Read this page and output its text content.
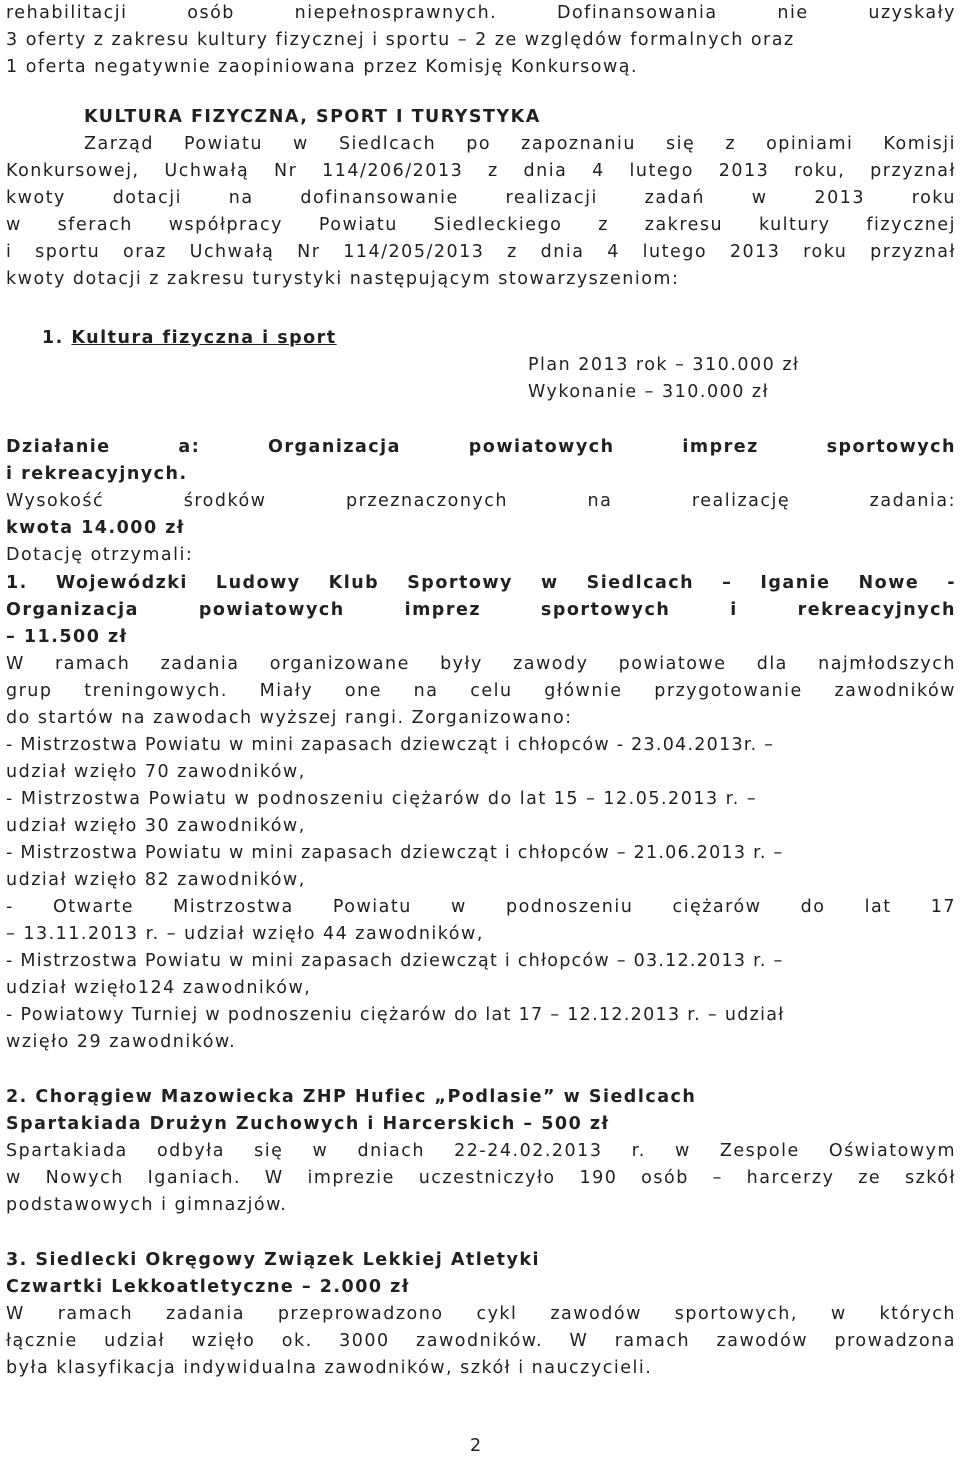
rehabilitacji osób niepełnosprawnych. Dofinansowania nie uzyskały
3 oferty z zakresu kultury fizycznej i sportu – 2 ze względów formalnych oraz
1 oferta negatywnie zaopiniowana przez Komisję Konkursową.
KULTURA FIZYCZNA, SPORT I TURYSTYKA
Zarząd Powiatu w Siedlcach po zapoznaniu się z opiniami Komisji
Konkursowej, Uchwałą Nr 114/206/2013 z dnia 4 lutego 2013 roku, przyznał
kwoty dotacji na dofinansowanie realizacji zadań w 2013 roku
w sferach współpracy Powiatu Siedleckiego z zakresu kultury fizycznej
i sportu oraz Uchwałą Nr 114/205/2013 z dnia 4 lutego 2013 roku przyznał
kwoty dotacji z zakresu turystyki następującym stowarzyszeniom:
1. Kultura fizyczna i sport
Plan 2013 rok – 310.000 zł
Wykonanie – 310.000 zł
Działanie a: Organizacja powiatowych imprez sportowych
i rekreacyjnych.
Wysokość środków przeznaczonych na realizację zadania:
kwota 14.000 zł
Dotację otrzymali:
1. Wojewódzki Ludowy Klub Sportowy w Siedlcach – Iganie Nowe -
Organizacja powiatowych imprez sportowych i rekreacyjnych
– 11.500 zł
W ramach zadania organizowane były zawody powiatowe dla najmłodszych
grup treningowych. Miały one na celu głównie przygotowanie zawodników
do startów na zawodach wyższej rangi. Zorganizowano:
- Mistrzostwa Powiatu w mini zapasach dziewcząt i chłopców - 23.04.2013r. –
udział wzięło 70 zawodników,
- Mistrzostwa Powiatu w podnoszeniu ciężarów do lat 15 – 12.05.2013 r. –
udział wzięło 30 zawodników,
- Mistrzostwa Powiatu w mini zapasach dziewcząt i chłopców – 21.06.2013 r. –
udział wzięło 82 zawodników,
- Otwarte Mistrzostwa Powiatu w podnoszeniu ciężarów do lat 17
– 13.11.2013 r. – udział wzięło 44 zawodników,
- Mistrzostwa Powiatu w mini zapasach dziewcząt i chłopców – 03.12.2013 r. –
udział wzięło124 zawodników,
- Powiatowy Turniej w podnoszeniu ciężarów do lat 17 – 12.12.2013 r. – udział
wzięło 29 zawodników.
2. Chorągiew Mazowiecka ZHP Hufiec „Podlasie” w Siedlcach
Spartakiada Drużyn Zuchowych i Harcerskich – 500 zł
Spartakiada odbyła się w dniach 22-24.02.2013 r. w Zespole Oświatowym
w Nowych Iganiach. W imprezie uczestniczyło 190 osób – harcerzy ze szkół
podstawowych i gimnazjów.
3. Siedlecki Okręgowy Związek Lekkiej Atletyki
Czwartki Lekkoatletyczne – 2.000 zł
W ramach zadania przeprowadzono cykl zawodów sportowych, w których
łącznie udział wzięło ok. 3000 zawodników. W ramach zawodów prowadzona
była klasyfikacja indywidualna zawodników, szkół i nauczycieli.
2
